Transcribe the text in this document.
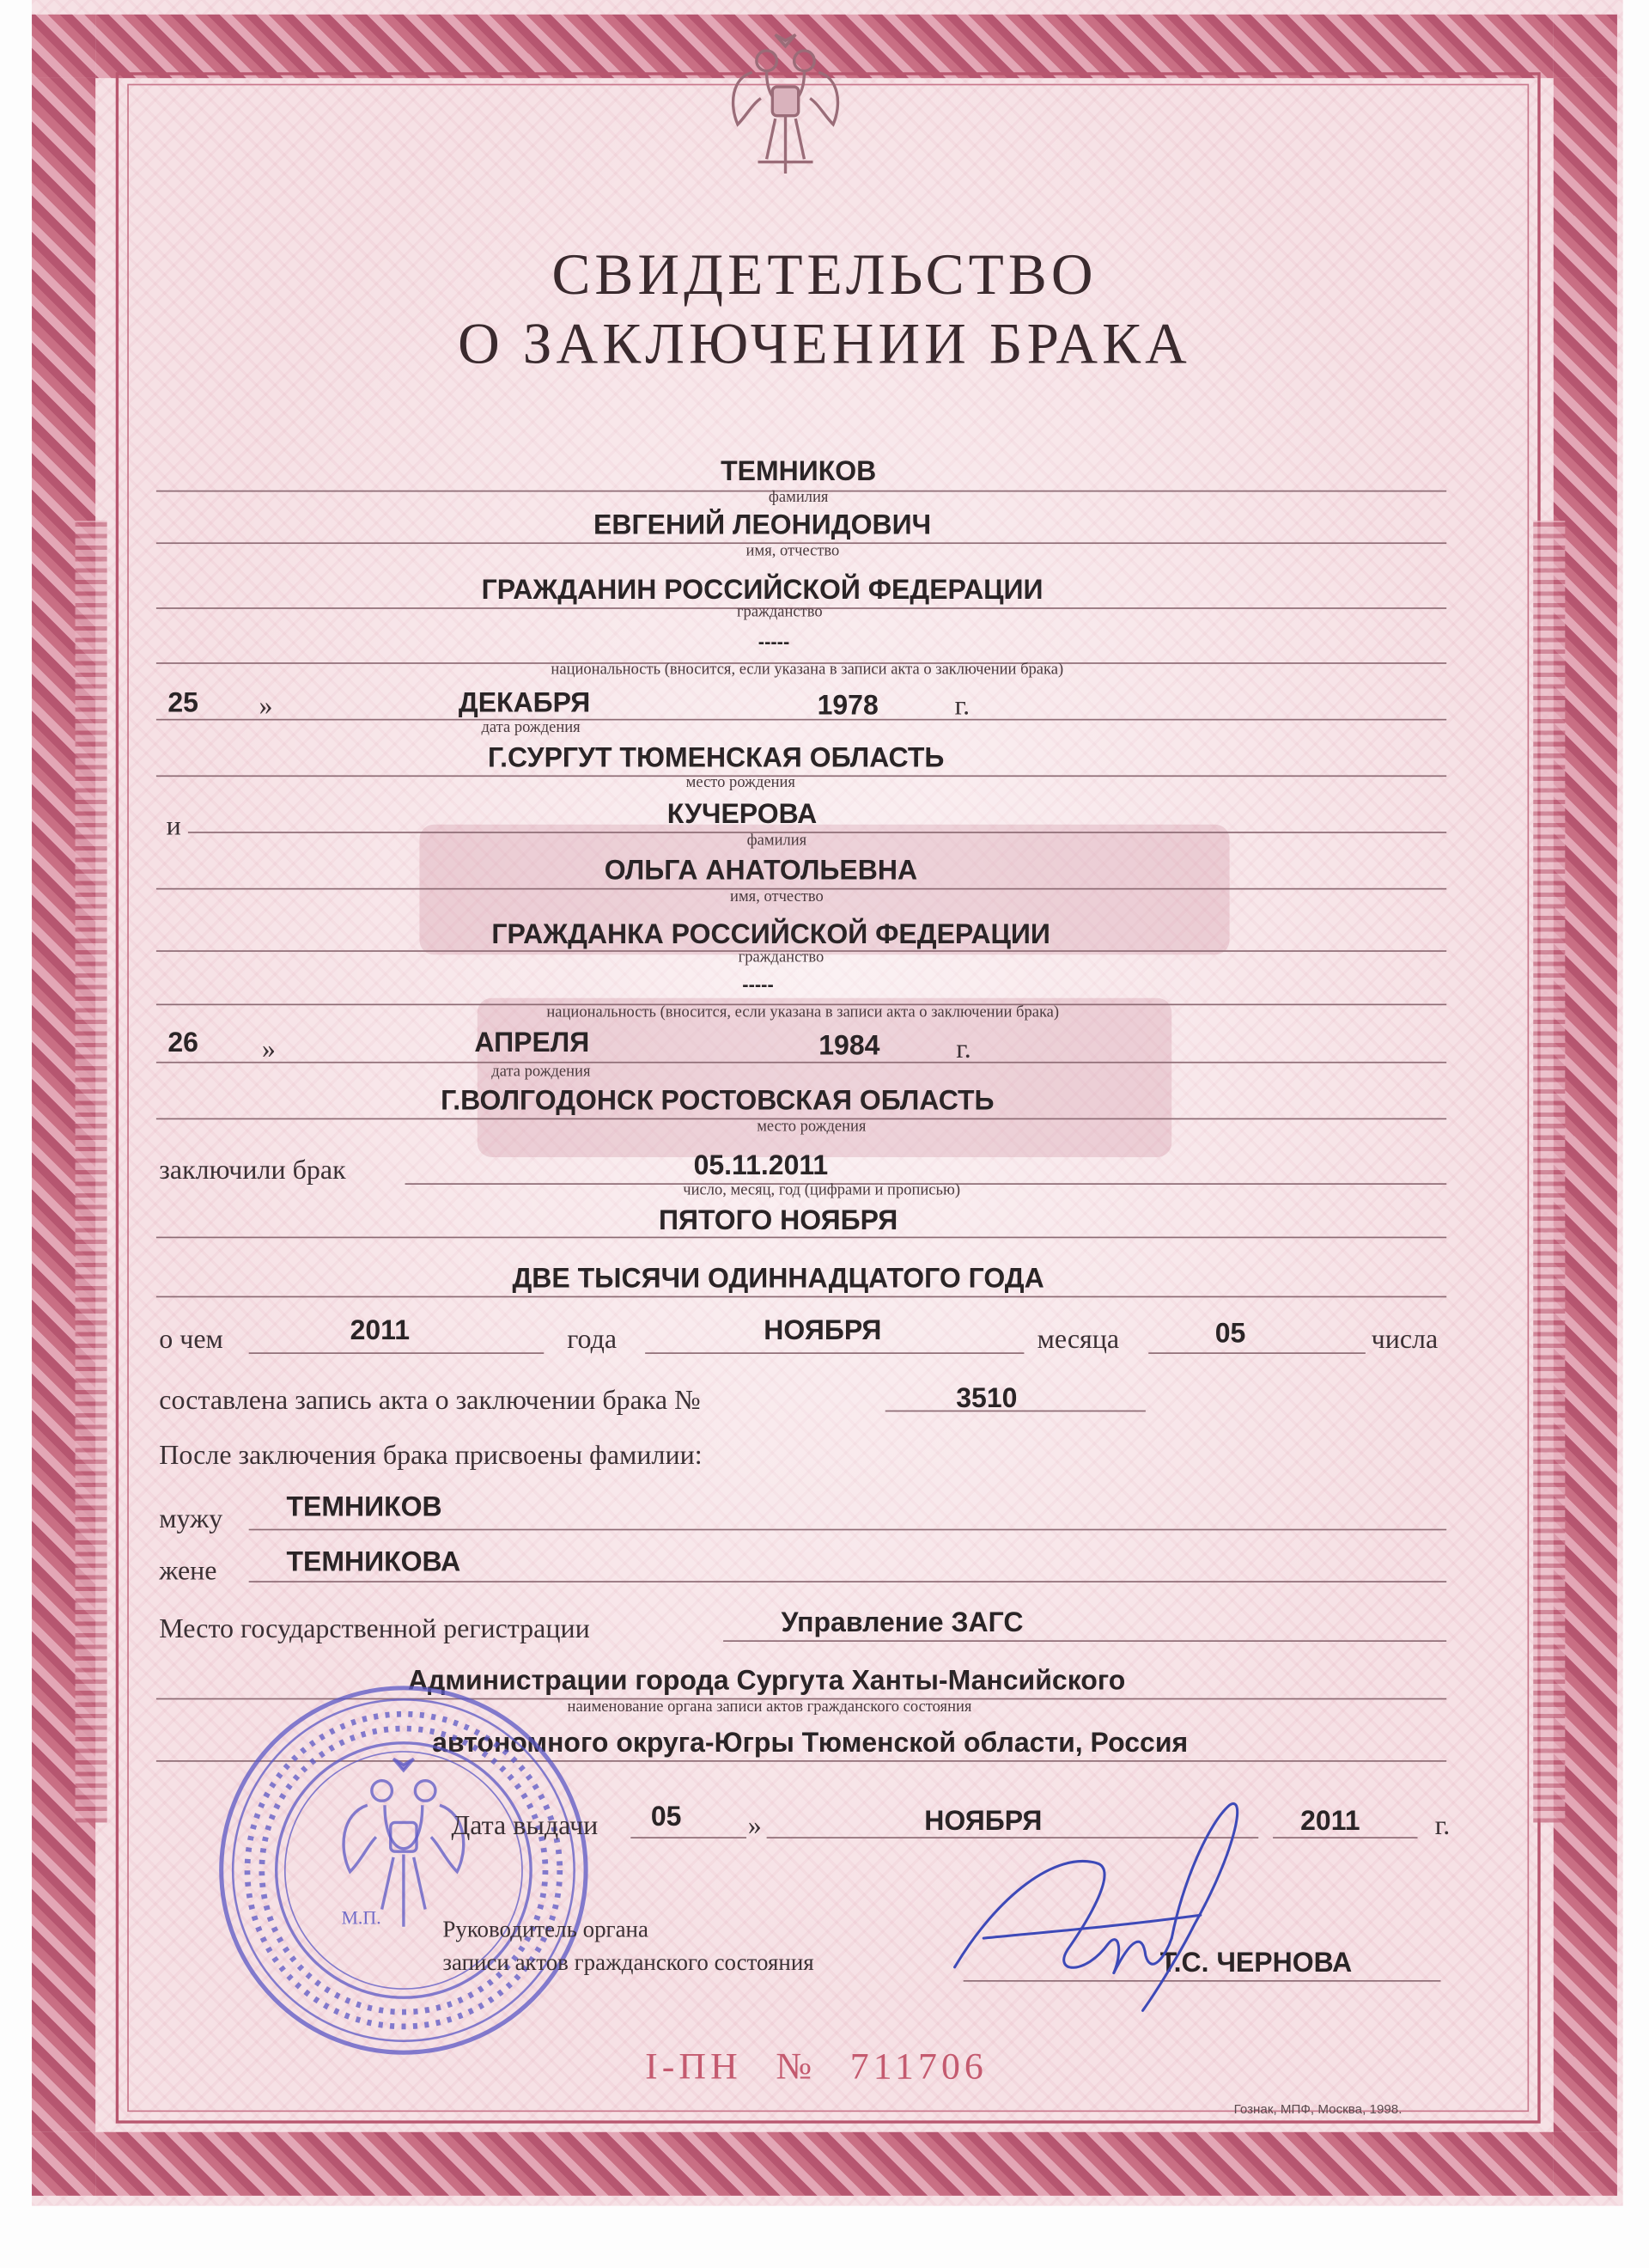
СВИДЕТЕЛЬСТВО
О ЗАКЛЮЧЕНИИ БРАКА
ТЕМНИКОВ
фамилия
ЕВГЕНИЙ ЛЕОНИДОВИЧ
имя, отчество
ГРАЖДАНИН РОССИЙСКОЙ ФЕДЕРАЦИИ
гражданство
-----
национальность (вносится, если указана в записи акта о заключении брака)
25	»	ДЕКАБРЯ	1978	г.
дата рождения
Г.СУРГУТ ТЮМЕНСКАЯ ОБЛАСТЬ
место рождения
и	КУЧЕРОВА
фамилия
ОЛЬГА АНАТОЛЬЕВНА
имя, отчество
ГРАЖДАНКА РОССИЙСКОЙ ФЕДЕРАЦИИ
гражданство
-----
национальность (вносится, если указана в записи акта о заключении брака)
26	»	АПРЕЛЯ	1984	г.
дата рождения
Г.ВОЛГОДОНСК РОСТОВСКАЯ ОБЛАСТЬ
место рождения
заключили брак	05.11.2011
число, месяц, год (цифрами и прописью)
ПЯТОГО НОЯБРЯ
ДВЕ ТЫСЯЧИ ОДИННАДЦАТОГО ГОДА
о чем	2011	года	НОЯБРЯ	месяца	05	числа
составлена запись акта о заключении брака №	3510
После заключения брака присвоены фамилии:
мужу	ТЕМНИКОВ
жене	ТЕМНИКОВА
Место государственной регистрации	Управление ЗАГС
Администрации города Сургута Ханты-Мансийского
наименование органа записи актов гражданского состояния
автономного округа-Югры Тюменской области, Россия
М.П.
Дата выдачи	05	»	НОЯБРЯ	2011	г.
Руководитель органа
записи актов гражданского состояния	Т.С. ЧЕРНОВА
I-ПН № 711706
Гознак, МПФ, Москва, 1998.
